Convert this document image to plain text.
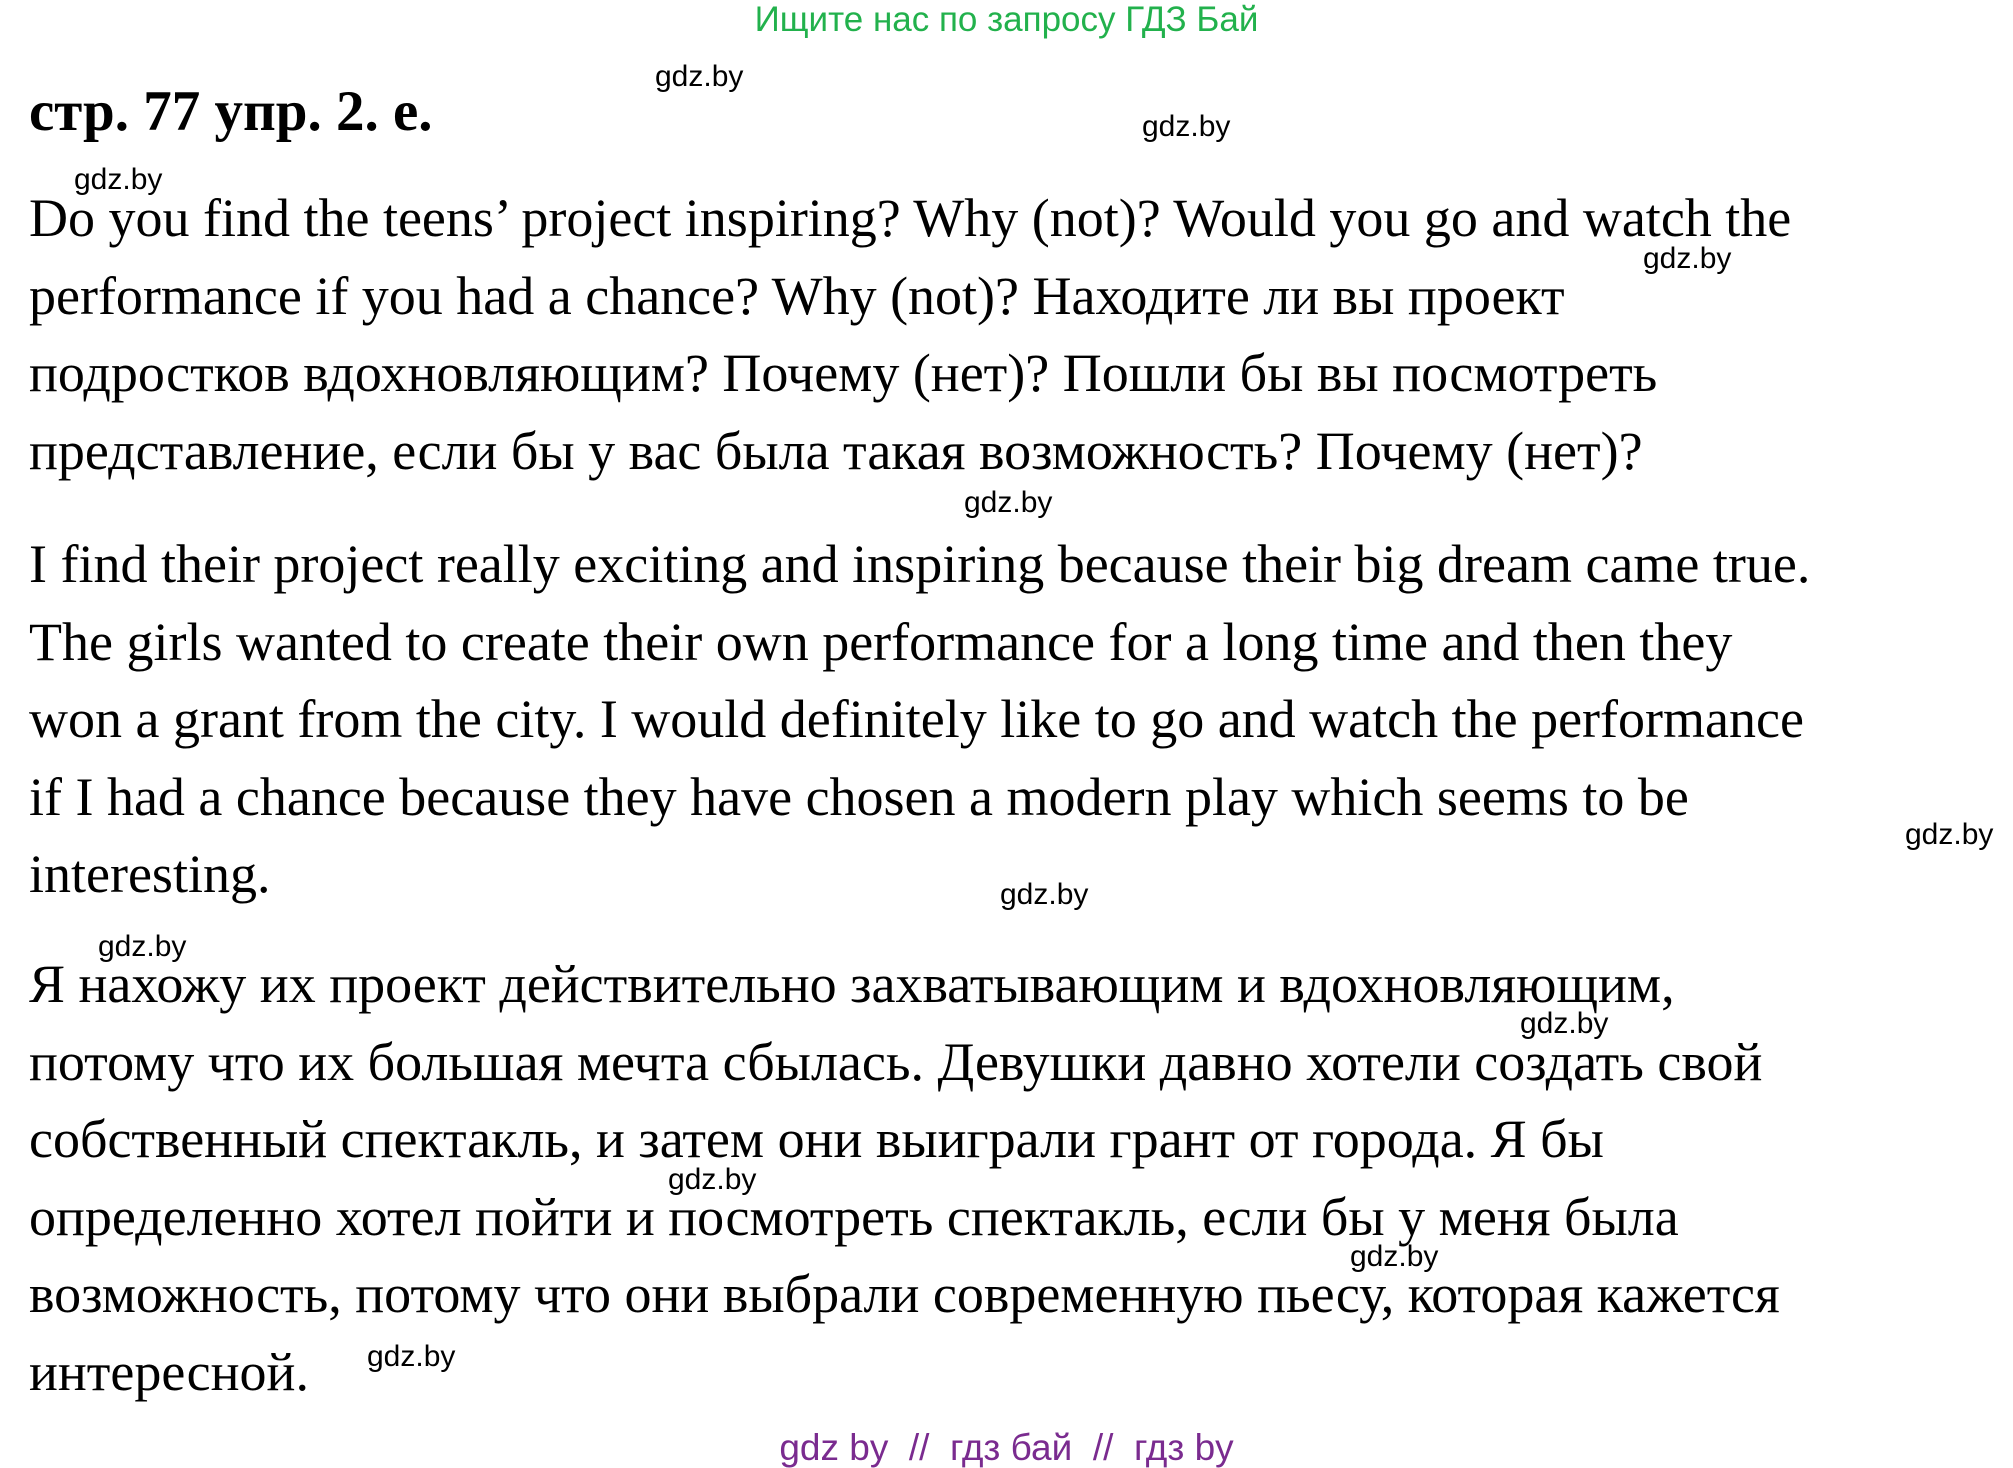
Ищите нас по запросу ГДЗ Бай
стр. 77 упр. 2. e.
Do you find the teens’ project inspiring? Why (not)? Would you go and watch the
performance if you had a chance? Why (not)? Находите ли вы проект
подростков вдохновляющим? Почему (нет)? Пошли бы вы посмотреть
представление, если бы у вас была такая возможность? Почему (нет)?
I find their project really exciting and inspiring because their big dream came true.
The girls wanted to create their own performance for a long time and then they
won a grant from the city. I would definitely like to go and watch the performance
if I had a chance because they have chosen a modern play which seems to be
interesting.
Я нахожу их проект действительно захватывающим и вдохновляющим,
потому что их большая мечта сбылась. Девушки давно хотели создать свой
собственный спектакль, и затем они выиграли грант от города. Я бы
определенно хотел пойти и посмотреть спектакль, если бы у меня была
возможность, потому что они выбрали современную пьесу, которая кажется
интересной.
gdz.by
gdz.by
gdz.by
gdz.by
gdz.by
gdz.by
gdz.by
gdz.by
gdz.by
gdz.by
gdz.by
gdz.by
gdz by  //  гдз бай  //  гдз by
